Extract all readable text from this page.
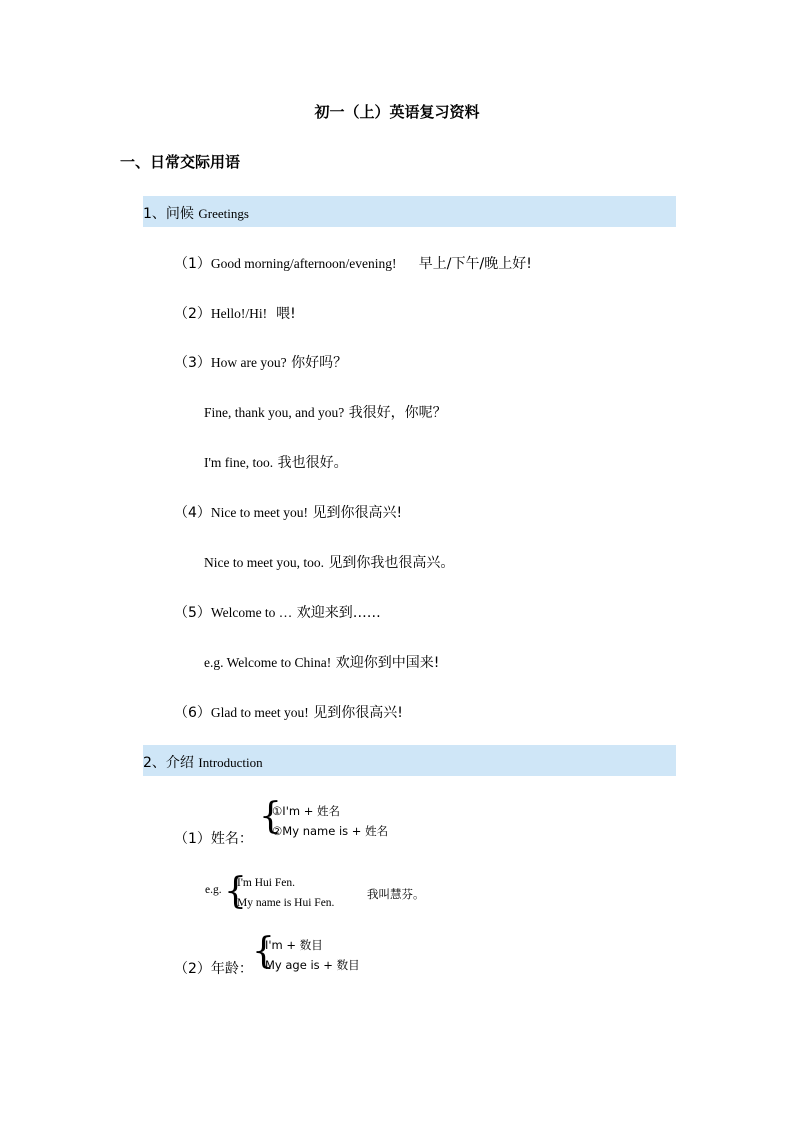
初一（上）英语复习资料
一、日常交际用语
1、问候 Greetings
（1）Good morning/afternoon/evening! 早上/下午/晚上好!
（2）Hello!/Hi! 喂!
（3）How are you? 你好吗？
Fine, thank you, and you? 我很好，你呢？
I'm fine, too. 我也很好。
（4）Nice to meet you! 见到你很高兴!
Nice to meet you, too. 见到你我也很高兴。
（5）Welcome to … 欢迎来到……
e.g. Welcome to China! 欢迎你到中国来!
（6）Glad to meet you! 见到你很高兴!
2、介绍 Introduction
（1）姓名：
{
①I'm + 姓名
②My name is + 姓名
e.g. {
I'm Hui Fen.
My name is Hui Fen.
我叫慧芬。
（2）年龄： {
I'm + 数目
My age is + 数目
